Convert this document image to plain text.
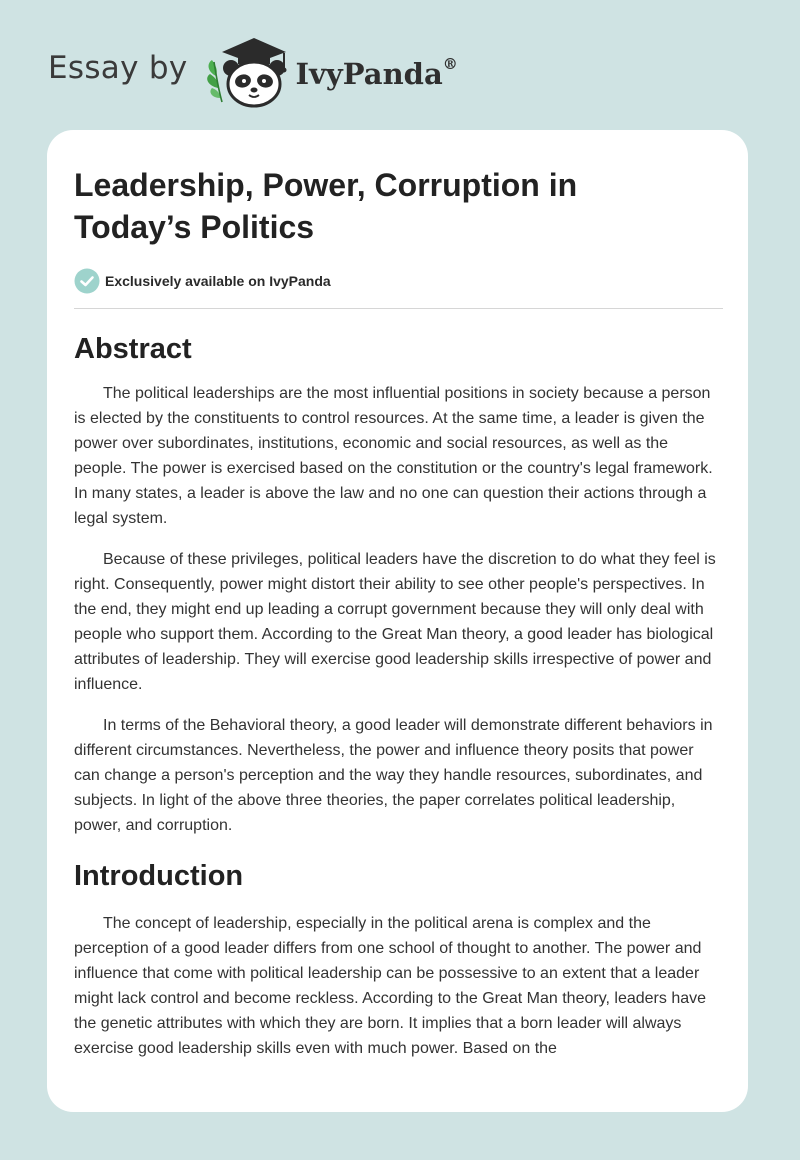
Essay by	IvyPanda®
Leadership, Power, Corruption in Today’s Politics
Exclusively available on IvyPanda
Abstract

The political leaderships are the most influential positions in society because a person is elected by the constituents to control resources. At the same time, a leader is given the power over subordinates, institutions, economic and social resources, as well as the people. The power is exercised based on the constitution or the country's legal framework. In many states, a leader is above the law and no one can question their actions through a legal system.

Because of these privileges, political leaders have the discretion to do what they feel is right. Consequently, power might distort their ability to see other people's perspectives. In the end, they might end up leading a corrupt government because they will only deal with people who support them. According to the Great Man theory, a good leader has biological attributes of leadership. They will exercise good leadership skills irrespective of power and influence.

In terms of the Behavioral theory, a good leader will demonstrate different behaviors in different circumstances. Nevertheless, the power and influence theory posits that power can change a person's perception and the way they handle resources, subordinates, and subjects. In light of the above three theories, the paper correlates political leadership, power, and corruption.

Introduction

The concept of leadership, especially in the political arena is complex and the perception of a good leader differs from one school of thought to another. The power and influence that come with political leadership can be possessive to an extent that a leader might lack control and become reckless. According to the Great Man theory, leaders have the genetic attributes with which they are born. It implies that a born leader will always exercise good leadership skills even with much power. Based on the
